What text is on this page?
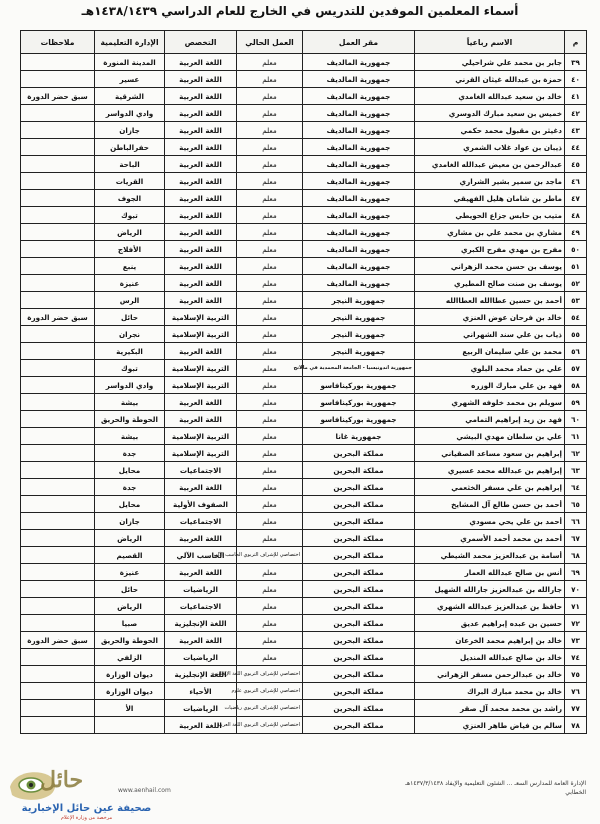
أسماء المعلمين الموفدين للتدريس في الخارج للعام الدراسي ١٤٣٨/١٤٣٩هـ
م	الاسم رباعياً	مقر العمل	العمل الحالي	التخصص	الإدارة التعليمية	ملاحظات
٣٩	جابر بن محمد علي شراحيلي	جمهورية المالديف	معلم	اللغة العربية	المدينة المنورة	
٤٠	حمزة بن عبدالله غيثان القرني	جمهورية المالديف	معلم	اللغة العربية	عسير	
٤١	خالد بن سعيد عبدالله الغامدي	جمهورية المالديف	معلم	اللغة العربية	الشرقية	سبق حضر الدورة
٤٢	خميس بن سعيد مبارك الدوسري	جمهورية المالديف	معلم	اللغة العربية	وادي الدواسر	
٤٣	دغيثر بن مقبول محمد حكمي	جمهورية المالديف	معلم	اللغة العربية	جازان	
٤٤	ذيبان بن عواد غلاب الشمري	جمهورية المالديف	معلم	اللغة العربية	حفرالباطن	
٤٥	عبدالرحمن بن معيض عبدالله الغامدي	جمهورية المالديف	معلم	اللغة العربية	الباحة	
٤٦	ماجد بن سمير بشير الشراري	جمهورية المالديف	معلم	اللغة العربية	القريات	
٤٧	ماطر بن شامان هليل الفهيقي	جمهورية المالديف	معلم	اللغة العربية	الجوف	
٤٨	متيب بن حابس جزاع الحويطي	جمهورية المالديف	معلم	اللغة العربية	تبوك	
٤٩	مشاري بن محمد علي بن مشاري	جمهورية المالديف	معلم	اللغة العربية	الرياض	
٥٠	مفرح بن مهدي مفرح الكبري	جمهورية المالديف	معلم	اللغة العربية	الأفلاج	
٥١	يوسف بن حسن محمد الزهراني	جمهورية المالديف	معلم	اللغة العربية	ينبع	
٥٢	يوسف بن صنت صالح المطيري	جمهورية المالديف	معلم	اللغة العربية	عنيزة	
٥٣	أحمد بن حسين عطاالله العطاالله	جمهورية النيجر	معلم	اللغة العربية	الرس	
٥٤	خالد بن فرحان عوض العنزي	جمهورية النيجر	معلم	التربية الإسلامية	حائل	سبق حضر الدورة
٥٥	ذياب بن علي سند الشهراني	جمهورية النيجر	معلم	التربية الإسلامية	نجران	
٥٦	محمد بن علي سليمان الربيع	جمهورية النيجر	معلم	اللغة العربية	البكيرية	
٥٧	علي بن حماد محمد البلوي	جمهورية اندونيسيا - الجامعة المحمدية في مالانج	معلم	التربية الإسلامية	تبوك	
٥٨	فهد بن علي مبارك الوزره	جمهورية بوركينافاسو	معلم	التربية الإسلامية	وادي الدواسر	
٥٩	سويلم بن محمد خلوفه الشهري	جمهورية بوركينافاسو	معلم	اللغة العربية	بيشة	
٦٠	فهد بن زيد إبراهيم التمامي	جمهورية بوركينافاسو	معلم	اللغة العربية	الحوطة والحريق	
٦١	علي بن سلطان مهدي البيشي	جمهورية غانا	معلم	التربية الإسلامية	بيشة	
٦٢	إبراهيم بن سعود مساعد الصقياني	مملكة البحرين	معلم	التربية الإسلامية	جدة	
٦٣	إبراهيم بن عبدالله محمد عسيري	مملكة البحرين	معلم	الاجتماعيات	محايل	
٦٤	إبراهيم بن علي مسفر الخثعمي	مملكة البحرين	معلم	اللغة العربية	جدة	
٦٥	أحمد بن حسن طالع آل المشايخ	مملكة البحرين	معلم	الصفوف الأولية	محايل	
٦٦	أحمد بن علي يحي مسودي	مملكة البحرين	معلم	الاجتماعيات	جازان	
٦٧	أحمد بن محمد أحمد الأسمري	مملكة البحرين	معلم	اللغة العربية	الرياض	
٦٨	أسامة بن عبدالعزيز محمد الشيطي	مملكة البحرين	اختصاصي للإشراف التربوي الحاسب الآلي	الحاسب الآلي	القصيم	
٦٩	أنس بن صالح عبدالله العمار	مملكة البحرين	معلم	اللغة العربية	عنيزة	
٧٠	جارالله بن عبدالعزيز جارالله الشهيل	مملكة البحرين	معلم	الرياضيات	حائل	
٧١	حافظ بن عبدالعزيز عبدالله الشهري	مملكة البحرين	معلم	الاجتماعيات	الرياض	
٧٢	حسين بن عبده إبراهيم عديق	مملكة البحرين	معلم	اللغة الإنجليزية	صبيا	
٧٣	خالد بن إبراهيم محمد الخرعان	مملكة البحرين	معلم	اللغة العربية	الحوطة والحريق	سبق حضر الدورة
٧٤	خالد بن صالح عبدالله المنديل	مملكة البحرين	معلم	الرياضيات	الزلفي	
٧٥	خالد بن عبدالرحمن مسفر الزهراني	مملكة البحرين	اختصاصي للإشراف التربوي اللغة الإنجليزية	اللغة الإنجليزية	ديوان الوزارة	
٧٦	خالد بن محمد مبارك البراك	مملكة البحرين	اختصاصي للإشراف التربوي علوم	الأحياء	ديوان الوزارة	
٧٧	راشد بن محمد محمد آل صقر	مملكة البحرين	اختصاصي للإشراف التربوي رياضيات	الرياضيات	الأ	
٧٨	سالم بن فياض طاهر العنزي	مملكة البحرين	اختصاصي للإشراف التربوي اللغة العربية	اللغة العربية		
الإدارة العامة للمدارس السعـ ... الشئون التعليمية والإيفاد ١٤٣٧/٣/١٤٣٨هـ
الخطابي
حائل	www.aenhail.com
صحيفة عين حائل الإخبارية
مرخصة من وزارة الإعلام
